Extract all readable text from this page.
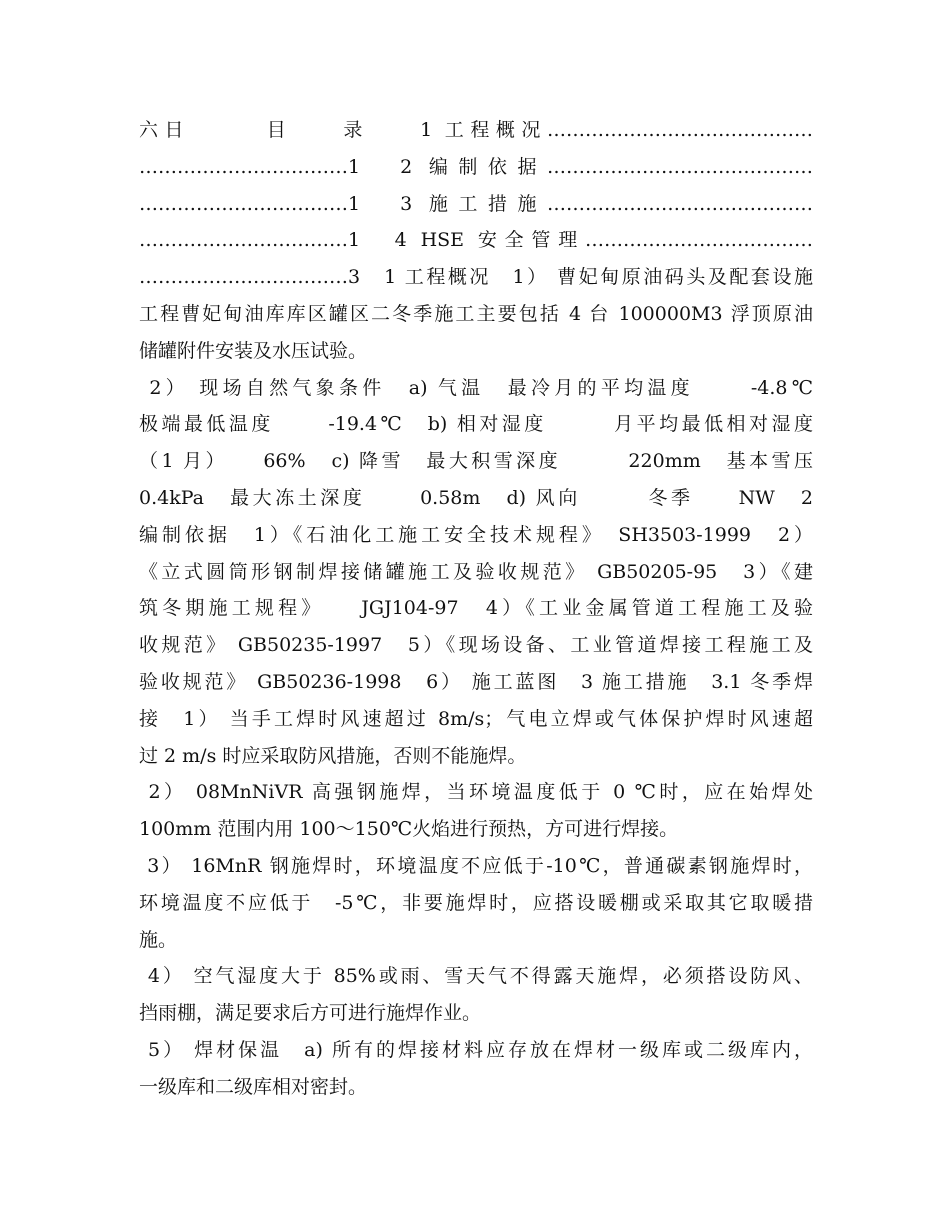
六日　　　目　　录　　1 工程概况……………………………………
……………………………1　2 编制依据……………………………………
……………………………1　3 施工措施……………………………………
……………………………1　4 HSE 安全管理………………………………
……………………………3　1 工程概况　1） 曹妃甸原油码头及配套设施
工程曹妃甸油库库区罐区二冬季施工主要包括 4 台 100000M3 浮顶原油
储罐附件安装及水压试验。
2） 现场自然气象条件　a) 气温　最冷月的平均温度　　 -4.8℃
极端最低温度　　 -19.4℃　b) 相对湿度　　　月平均最低相对湿度
（1 月）　　66%　c) 降雪　最大积雪深度　　　220mm　基本雪压
0.4kPa　最大冻土深度　　 0.58m　d) 风向　　　冬季　　NW　2
编制依据　1）《石油化工施工安全技术规程》　SH3503-1999　2）
《立式圆筒形钢制焊接储罐施工及验收规范》 GB50205-95　3）《建
筑冬期施工规程》　　JGJ104-97　4）《工业金属管道工程施工及验
收规范》 GB50235-1997　5）《现场设备、工业管道焊接工程施工及
验收规范》 GB50236-1998　6） 施工蓝图　3 施工措施　3.1 冬季焊
接　1） 当手工焊时风速超过 8m/s；气电立焊或气体保护焊时风速超
过 2 m/s 时应采取防风措施，否则不能施焊。
2） 08MnNiVR 高强钢施焊，当环境温度低于 0 ℃时，应在始焊处
100mm 范围内用 100～150℃火焰进行预热，方可进行焊接。
3） 16MnR 钢施焊时，环境温度不应低于-10℃，普通碳素钢施焊时，
环境温度不应低于　-5℃，非要施焊时，应搭设暖棚或采取其它取暖措
施。
4） 空气湿度大于 85%或雨、雪天气不得露天施焊，必须搭设防风、
挡雨棚，满足要求后方可进行施焊作业。
5） 焊材保温　a) 所有的焊接材料应存放在焊材一级库或二级库内，
一级库和二级库相对密封。
